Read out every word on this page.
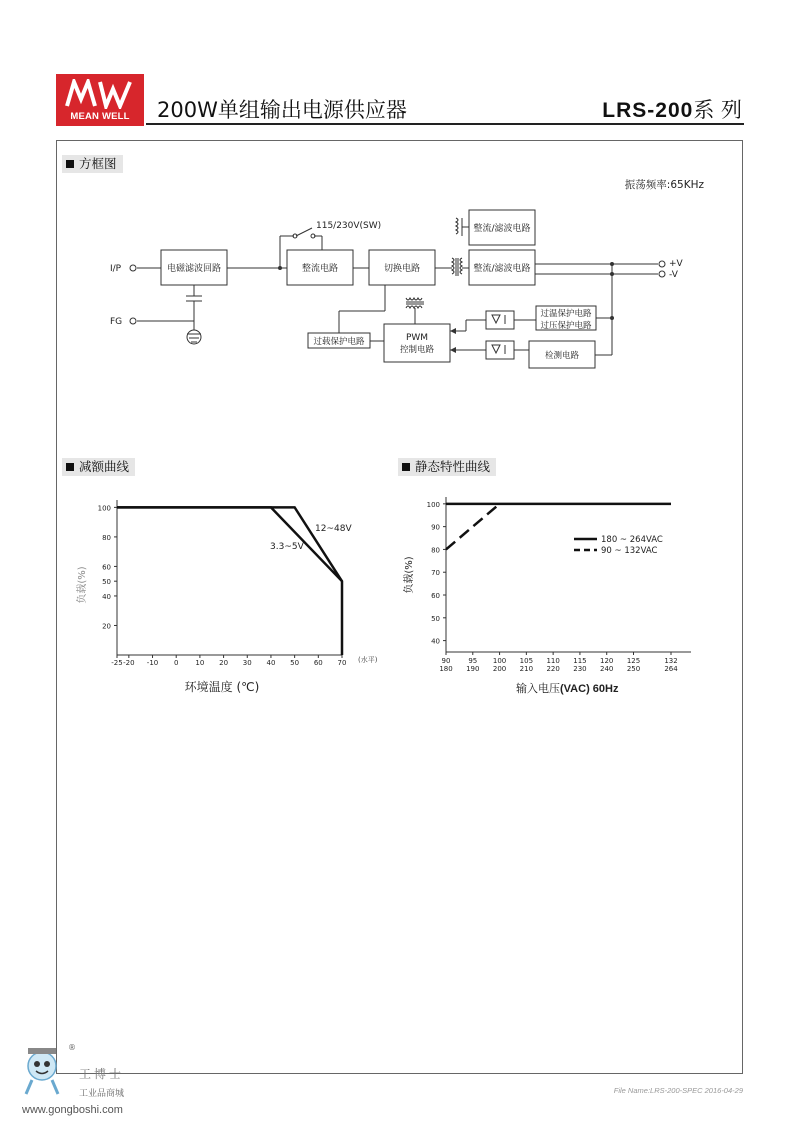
MEAN WELL	200W单组输出电源供应器	LRS-200系 列
方框图
振荡频率:65KHz
I/P
FG
115/230V(SW)
电磁滤波回路	整流电路	切换电路
整流/滤波电路
整流/滤波电路	+V
-V
过载保护电路	PWM
控制电路
过温保护电路
过压保护电路
检测电路
减额曲线	静态特性曲线
-25 -20 -10 0 10 20 30 40 50 60 70
100
80
60
50
40
20
负载(%)
环境温度 (℃)
(水平)
12~48V
3.3~5V
90
180
95
190
100
200
105
210
110
220
115
230
120
240
125
250
132
264
100
90
80
70
60
50
40
负载(%)
输入电压(VAC) 60Hz
180 ~ 264VAC
90 ~ 132VAC
®
工博士
工业品商城
www.gongboshi.com
File Name:LRS-200-SPEC 2016-04-29
